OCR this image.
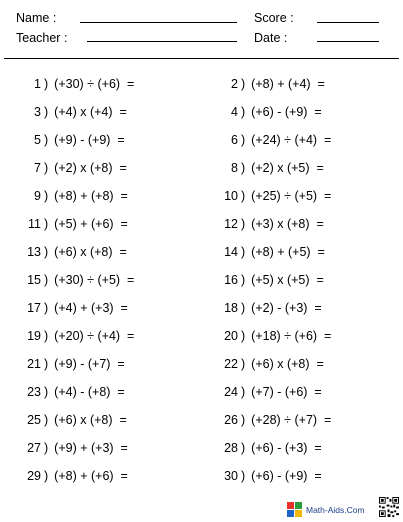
Name :	Score :
Teacher :	Date :
1 ) (+30) ÷ (+6)  =	2 ) (+8) + (+4)  =
3 ) (+4) x (+4)  =	4 ) (+6) - (+9)  =
5 ) (+9) - (+9)  =	6 ) (+24) ÷ (+4)  =
7 ) (+2) x (+8)  =	8 ) (+2) x (+5)  =
9 ) (+8) + (+8)  =	10 ) (+25) ÷ (+5)  =
11 ) (+5) + (+6)  =	12 ) (+3) x (+8)  =
13 ) (+6) x (+8)  =	14 ) (+8) + (+5)  =
15 ) (+30) ÷ (+5)  =	16 ) (+5) x (+5)  =
17 ) (+4) + (+3)  =	18 ) (+2) - (+3)  =
19 ) (+20) ÷ (+4)  =	20 ) (+18) ÷ (+6)  =
21 ) (+9) - (+7)  =	22 ) (+6) x (+8)  =
23 ) (+4) - (+8)  =	24 ) (+7) - (+6)  =
25 ) (+6) x (+8)  =	26 ) (+28) ÷ (+7)  =
27 ) (+9) + (+3)  =	28 ) (+6) - (+3)  =
29 ) (+8) + (+6)  =	30 ) (+6) - (+9)  =
Math-Aids.Com
